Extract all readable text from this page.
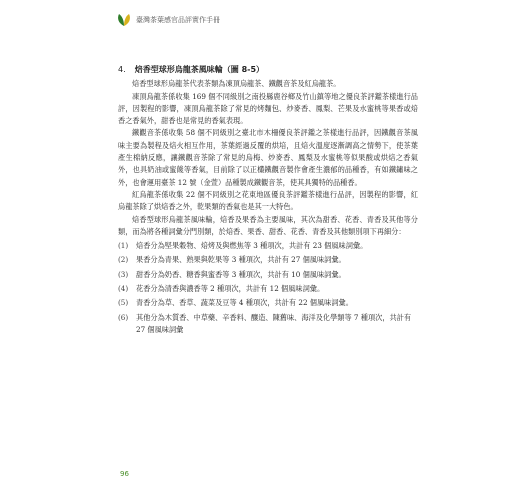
臺灣茶葉感官品評實作手冊
4. 焙香型球形烏龍茶風味輪（圖 8-5）

焙香型球形烏龍茶代表茶類為凍頂烏龍茶、鐵觀音茶及紅烏龍茶。

凍頂烏龍茶係收集 169 個不同級別之南投縣鹿谷鄉及竹山鎮等地之優良茶評鑑茶樣進行品評，因製程的影響，凍頂烏龍茶除了常見的烤麵包、炒麥香、鳳梨、芒果及水蜜桃等果香或焙香之香氣外，甜香也是常見的香氣表現。

鐵觀音茶係收集 58 個不同級別之臺北市木柵優良茶評鑑之茶樣進行品評，因鐵觀音茶風味主要為製程及焙火相互作用，茶葉經過反覆的烘培，且焙火溫度逐漸調高之情勢下，使茶葉產生棉納反應，讓鐵觀音茶除了常見的烏梅、炒麥香、鳳梨及水蜜桃等似果酸或烘焙之香氣外，也具奶油或蜜餞等香氣，目前除了以正欉鐵觀音製作會產生濃郁的品種香，有如鐵鏽味之外，也會運用臺茶 12 號（金萱）品種製成鐵觀音茶，使其具獨特的品種香。

紅烏龍茶係收集 22 個不同級別之花東地區優良茶評鑑茶樣進行品評，因製程的影響，紅烏龍茶除了烘焙香之外，乾果類的香氣也是其一大特色。

焙香型球形烏龍茶風味輪，焙香及果香為主要風味，其次為甜香、花香、青香及其他等分類，而為將各種詞彙分門別類，於焙香、果香、甜香、花香、青香及其他類別項下再細分：

(1)	焙香分為堅果穀物、焙烤及與燃焦等 3 種項次，共計有 23 個風味詞彙。
(2)	果香分為青果、熟果與乾果等 3 種項次，共計有 27 個風味詞彙。
(3)	甜香分為奶香、糖香與蜜香等 3 種項次，共計有 10 個風味詞彙。
(4)	花香分為清香與濃香等 2 種項次，共計有 12 個風味詞彙。
(5)	青香分為草、香草、蔬菜及豆等 4 種項次，共計有 22 個風味詞彙。
(6)	其他分為木質香、中草藥、辛香料、釀造、陳舊味、海洋及化學類等 7 種項次，共計有 27 個風味詞彙
96
